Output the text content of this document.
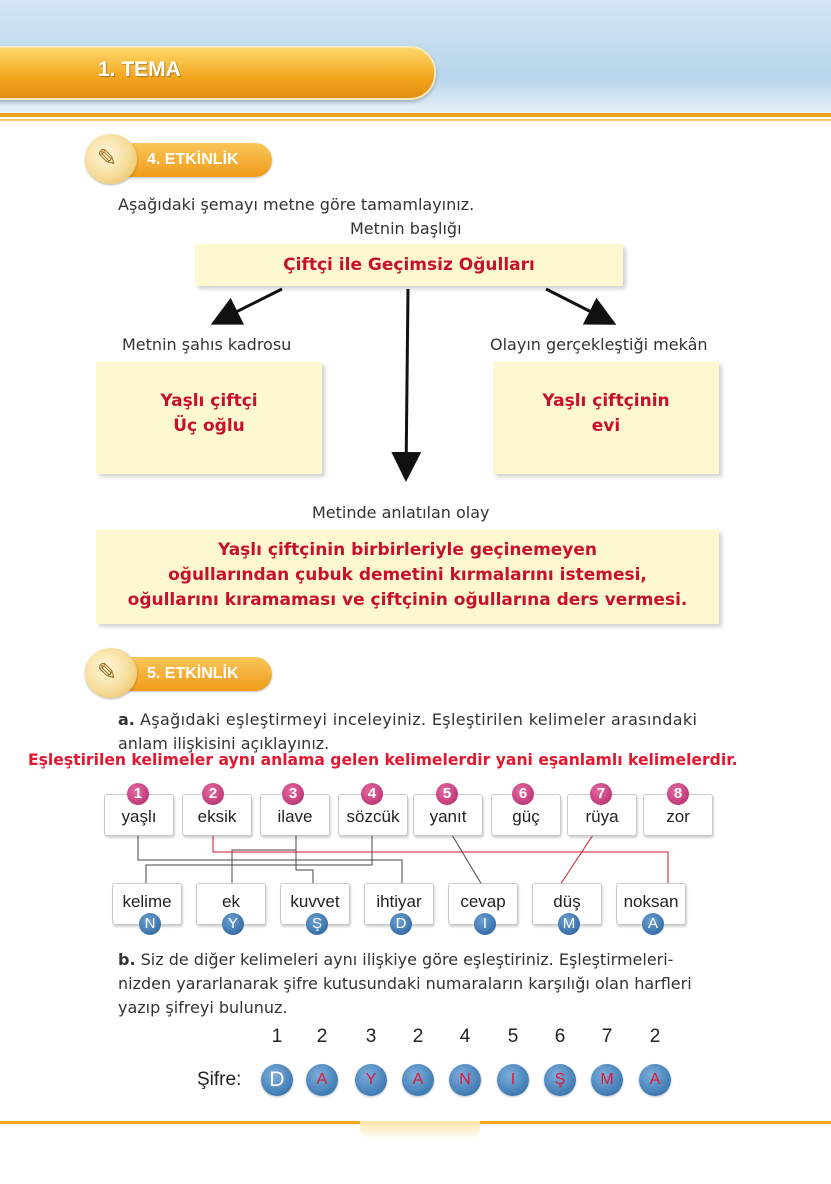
1. TEMA
4. ETKİNLİK
✎
Aşağıdaki şemayı metne göre tamamlayınız.
Metnin başlığı
Çiftçi ile Geçimsiz Oğulları
Metnin şahıs kadrosu	Olayın gerçekleştiği mekân
Yaşlı çiftçi
Üç oğlu
Yaşlı çiftçinin
evi
Metinde anlatılan olay
Yaşlı çiftçinin birbirleriyle geçinemeyen
oğullarından çubuk demetini kırmalarını istemesi,
oğullarını kıramaması ve çiftçinin oğullarına ders vermesi.
5. ETKİNLİK
✎
a. Aşağıdaki eşleştirmeyi inceleyiniz. Eşleştirilen kelimeler arasındaki
anlam ilişkisini açıklayınız.
Eşleştirilen kelimeler aynı anlama gelen kelimelerdir yani eşanlamlı kelimelerdir.
yaşlı	eksik	ilave	sözcük	yanıt	güç	rüya	zor
1	2	3	4	5	6	7	8
kelime	ek	kuvvet	ihtiyar	cevap	düş	noksan
N	Y	Ş	D	I	M	A
b. Siz de diğer kelimeleri aynı ilişkiye göre eşleştiriniz. Eşleştirmeleri-
nizden yararlanarak şifre kutusundaki numaraların karşılığı olan harfleri
yazıp şifreyi bulunuz.
1	2	3	2	4	5	6	7	2
Şifre:	D	A	Y	A	N	I	Ş	M	A
